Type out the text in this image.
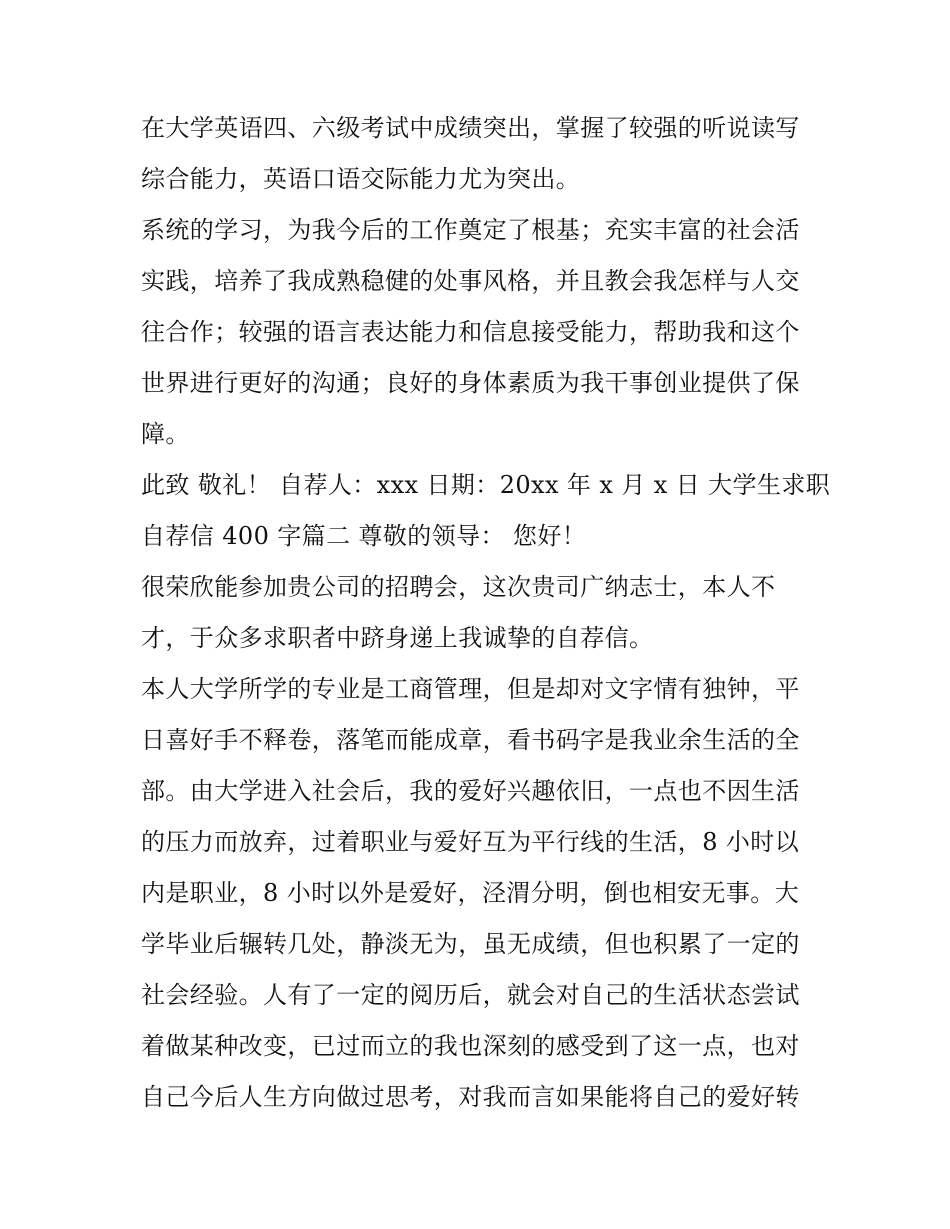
在大学英语四、六级考试中成绩突出，掌握了较强的听说读写
综合能力，英语口语交际能力尤为突出。
系统的学习，为我今后的工作奠定了根基；充实丰富的社会活
实践，培养了我成熟稳健的处事风格，并且教会我怎样与人交
往合作；较强的语言表达能力和信息接受能力，帮助我和这个
世界进行更好的沟通；良好的身体素质为我干事创业提供了保
障。
此致 敬礼！ 自荐人：xxx 日期：20xx 年 x 月 x 日 大学生求职
自荐信 400 字篇二 尊敬的领导： 您好！
很荣欣能参加贵公司的招聘会，这次贵司广纳志士，本人不
才，于众多求职者中跻身递上我诚挚的自荐信。
本人大学所学的专业是工商管理，但是却对文字情有独钟，平
日喜好手不释卷，落笔而能成章，看书码字是我业余生活的全
部。由大学进入社会后，我的爱好兴趣依旧，一点也不因生活
的压力而放弃，过着职业与爱好互为平行线的生活，8 小时以
内是职业，8 小时以外是爱好，泾渭分明，倒也相安无事。大
学毕业后辗转几处，静淡无为，虽无成绩，但也积累了一定的
社会经验。人有了一定的阅历后，就会对自己的生活状态尝试
着做某种改变，已过而立的我也深刻的感受到了这一点，也对
自己今后人生方向做过思考，对我而言如果能将自己的爱好转
